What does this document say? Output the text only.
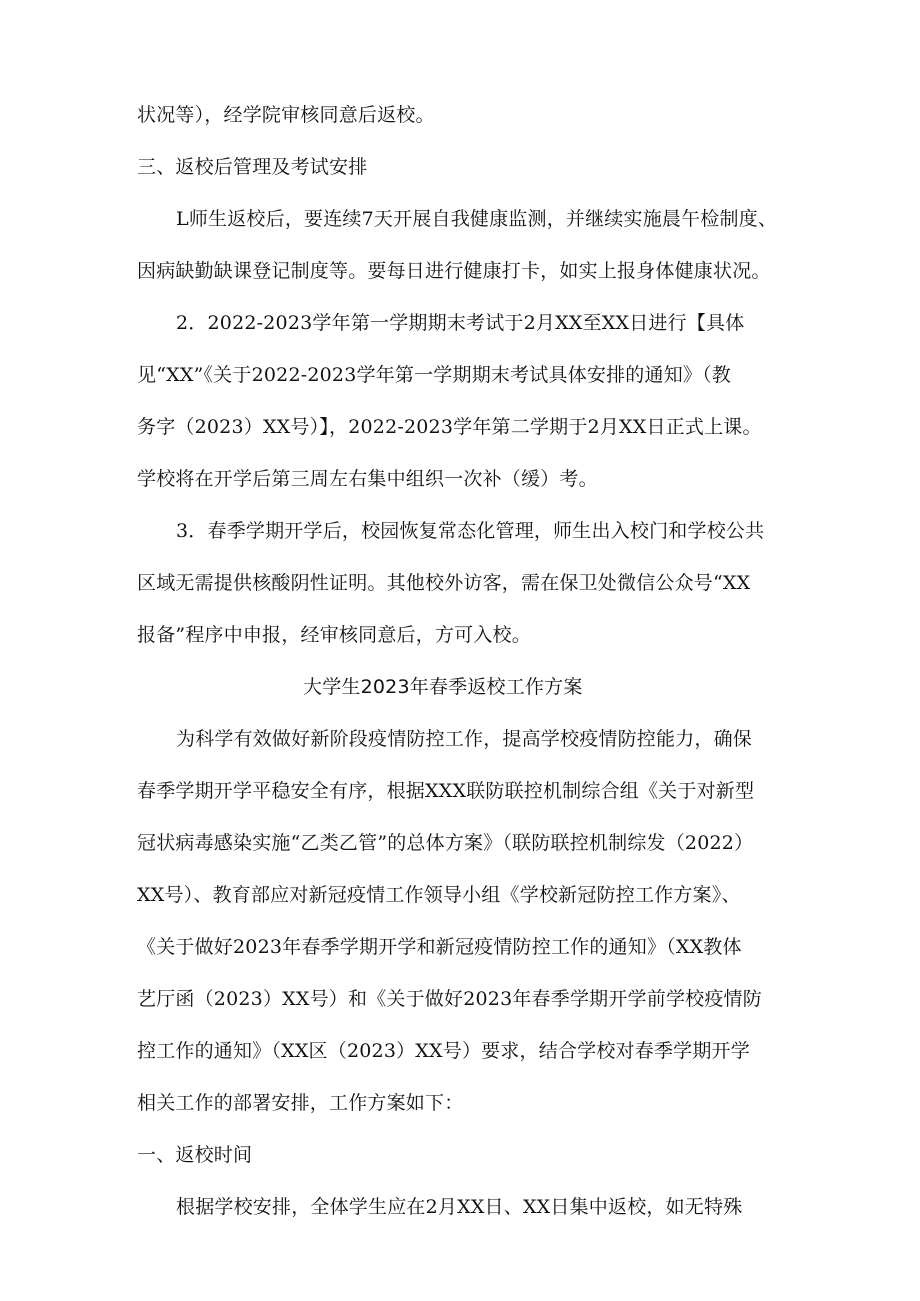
状况等），经学院审核同意后返校。
三、返校后管理及考试安排
L师生返校后，要连续7天开展自我健康监测，并继续实施晨午检制度、
因病缺勤缺课登记制度等。要每日进行健康打卡，如实上报身体健康状况。
2．2022-2023学年第一学期期末考试于2月XX至XX日进行【具体
见“XX”《关于2022-2023学年第一学期期末考试具体安排的通知》（教
务字（2023）XX号）】，2022-2023学年第二学期于2月XX日正式上课。
学校将在开学后第三周左右集中组织一次补（缓）考。
3．春季学期开学后，校园恢复常态化管理，师生出入校门和学校公共
区域无需提供核酸阴性证明。其他校外访客，需在保卫处微信公众号“XX
报备”程序中申报，经审核同意后，方可入校。
大学生2023年春季返校工作方案
为科学有效做好新阶段疫情防控工作，提高学校疫情防控能力，确保
春季学期开学平稳安全有序，根据XXX联防联控机制综合组《关于对新型
冠状病毒感染实施“乙类乙管”的总体方案》（联防联控机制综发（2022）
XX号）、教育部应对新冠疫情工作领导小组《学校新冠防控工作方案》、
《关于做好2023年春季学期开学和新冠疫情防控工作的通知》（XX教体
艺厅函（2023）XX号）和《关于做好2023年春季学期开学前学校疫情防
控工作的通知》（XX区（2023）XX号）要求，结合学校对春季学期开学
相关工作的部署安排，工作方案如下：
一、返校时间
根据学校安排，全体学生应在2月XX日、XX日集中返校，如无特殊
